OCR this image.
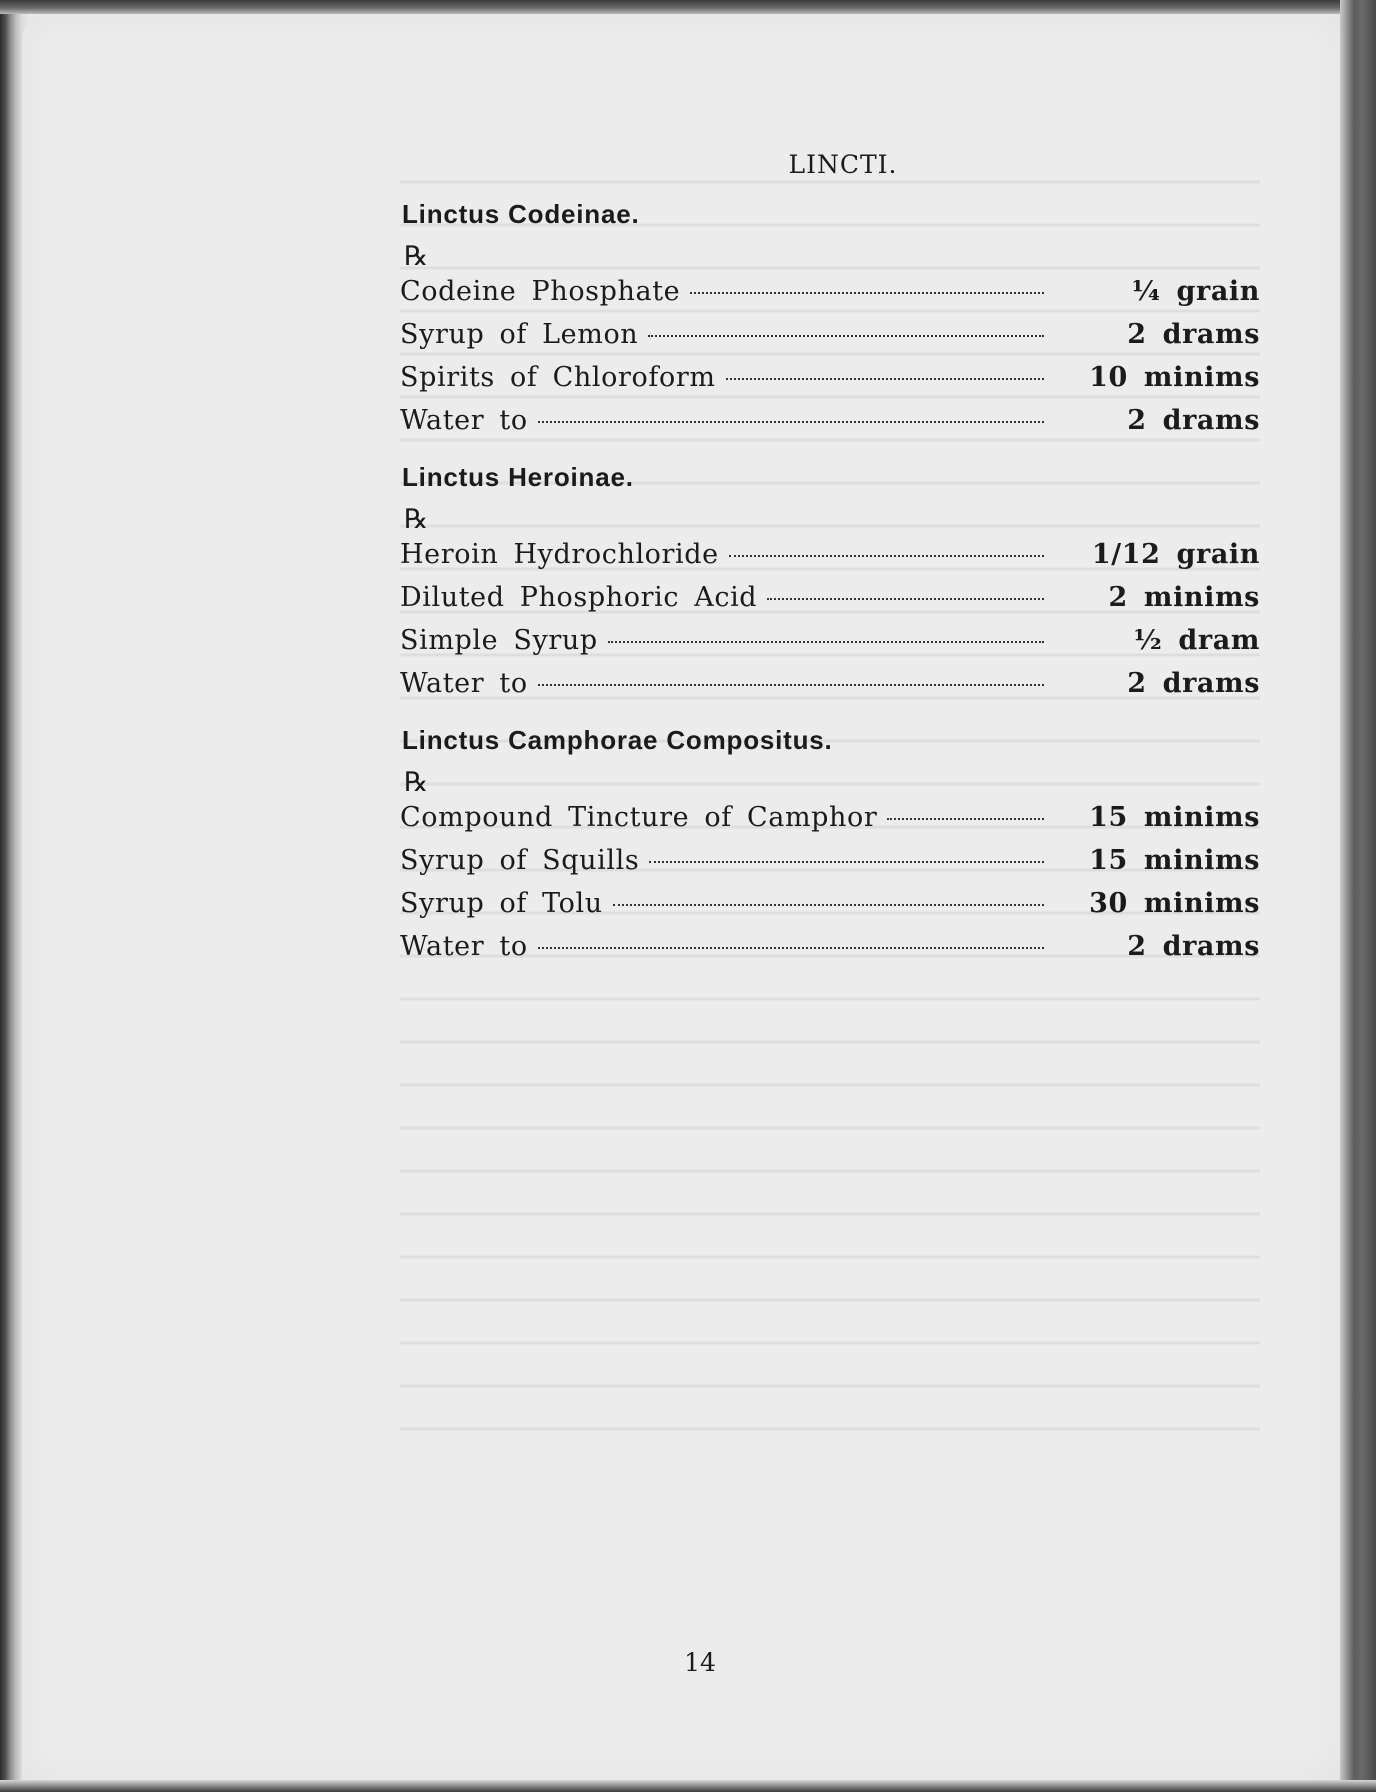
LINCTI.
Linctus Codeinae.
℞
Codeine Phosphate	¼ grain
Syrup of Lemon	2 drams
Spirits of Chloroform	10 minims
Water to	2 drams
Linctus Heroinae.
℞
Heroin Hydrochloride	1/12 grain
Diluted Phosphoric Acid	2 minims
Simple Syrup	½ dram
Water to	2 drams
Linctus Camphorae Compositus.
℞
Compound Tincture of Camphor	15 minims
Syrup of Squills	15 minims
Syrup of Tolu	30 minims
Water to	2 drams
14
